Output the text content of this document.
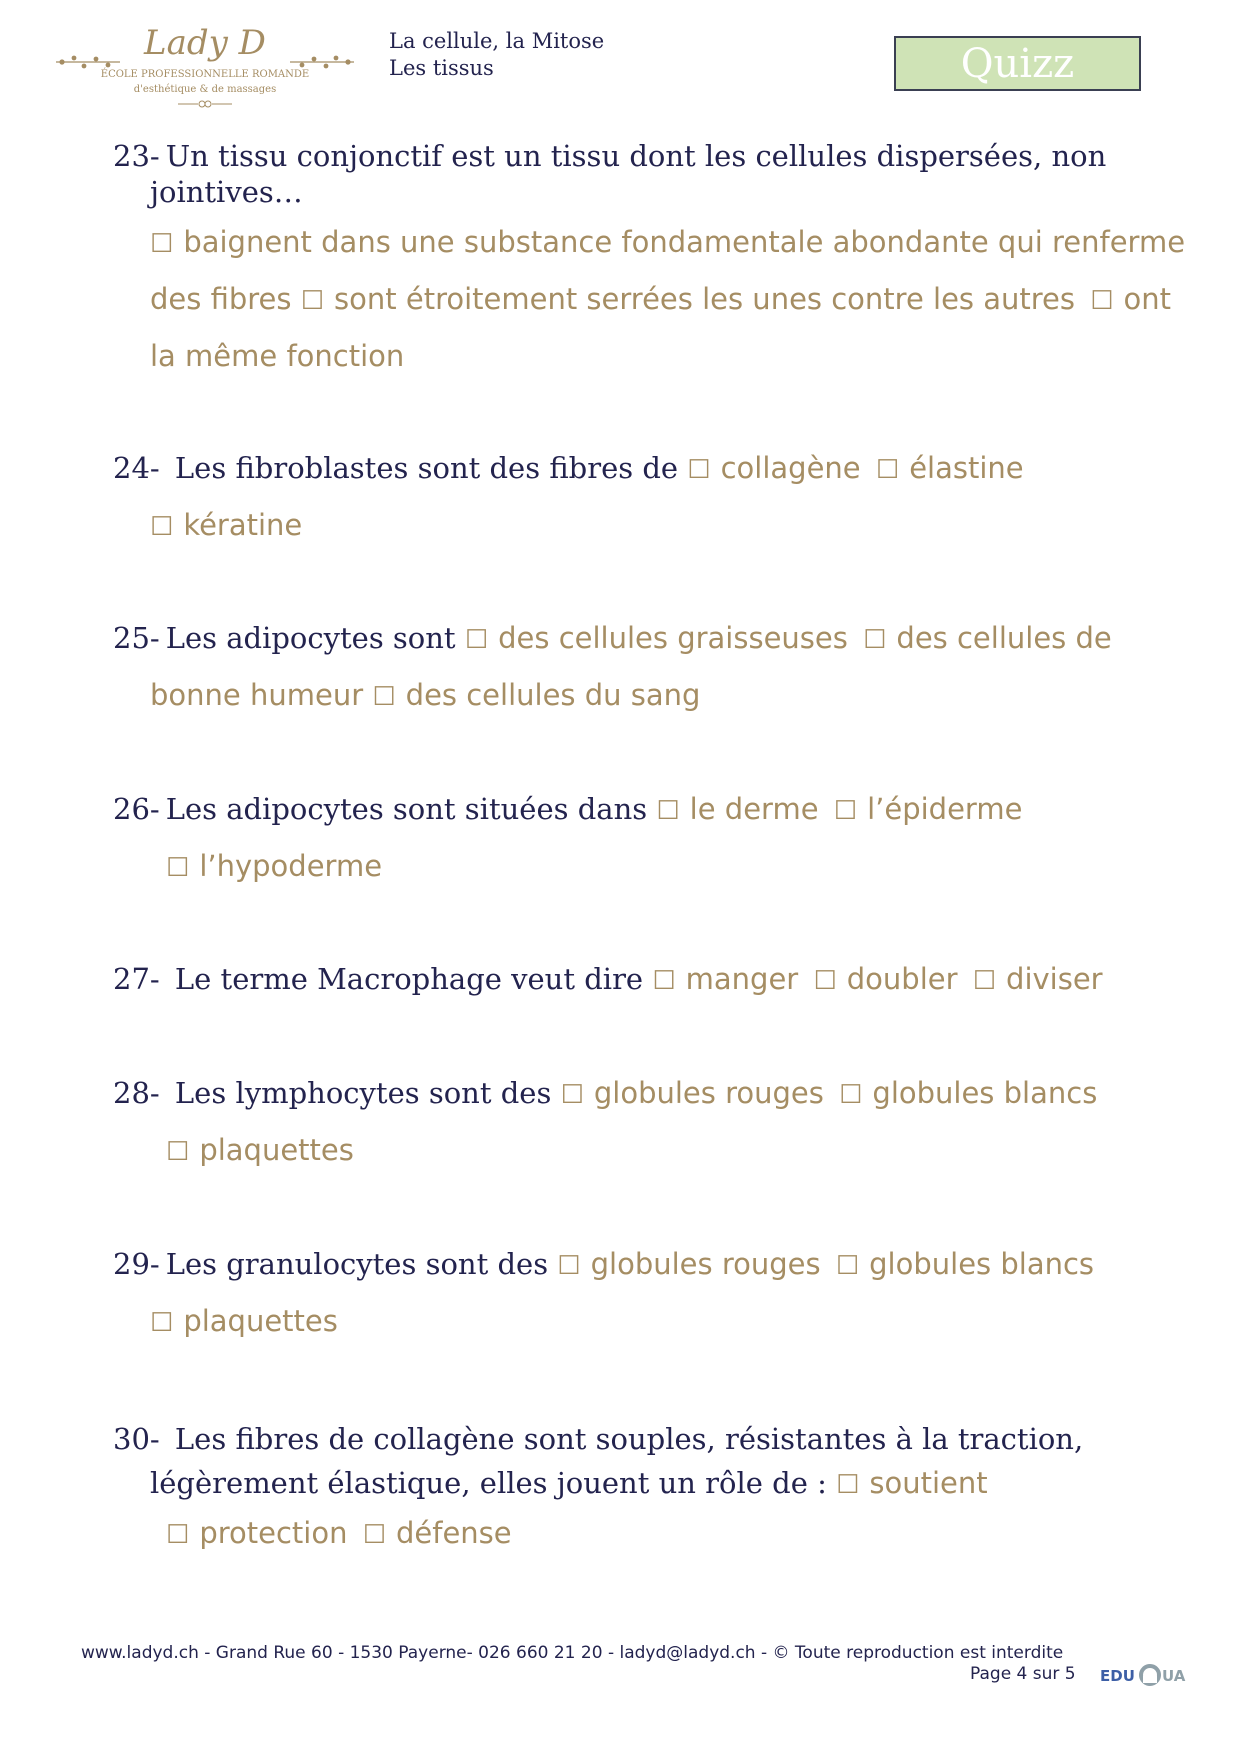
Lady D
ÉCOLE PROFESSIONNELLE ROMANDE
d'esthétique & de massages
La cellule, la Mitose
Les tissus	Quizz
23- Un tissu conjonctif est un tissu dont les cellules dispersées, non
jointives…
☐ baignent dans une substance fondamentale abondante qui renferme
des fibres ☐ sont étroitement serrées les unes contre les autres ☐ ont
la même fonction
24- Les fibroblastes sont des fibres de ☐ collagène ☐ élastine
☐ kératine
25- Les adipocytes sont ☐ des cellules graisseuses ☐ des cellules de
bonne humeur ☐ des cellules du sang
26- Les adipocytes sont situées dans ☐ le derme ☐ l’épiderme
☐ l’hypoderme
27- Le terme Macrophage veut dire ☐ manger ☐ doubler ☐ diviser
28- Les lymphocytes sont des ☐ globules rouges ☐ globules blancs
☐ plaquettes
29- Les granulocytes sont des ☐ globules rouges ☐ globules blancs
☐ plaquettes
30- Les fibres de collagène sont souples, résistantes à la traction,
légèrement élastique, elles jouent un rôle de : ☐ soutient
☐ protection ☐ défense
www.ladyd.ch - Grand Rue 60 - 1530 Payerne- 026 660 21 20 - ladyd@ladyd.ch - © Toute reproduction est interdite
Page 4 sur 5 EDU UA
